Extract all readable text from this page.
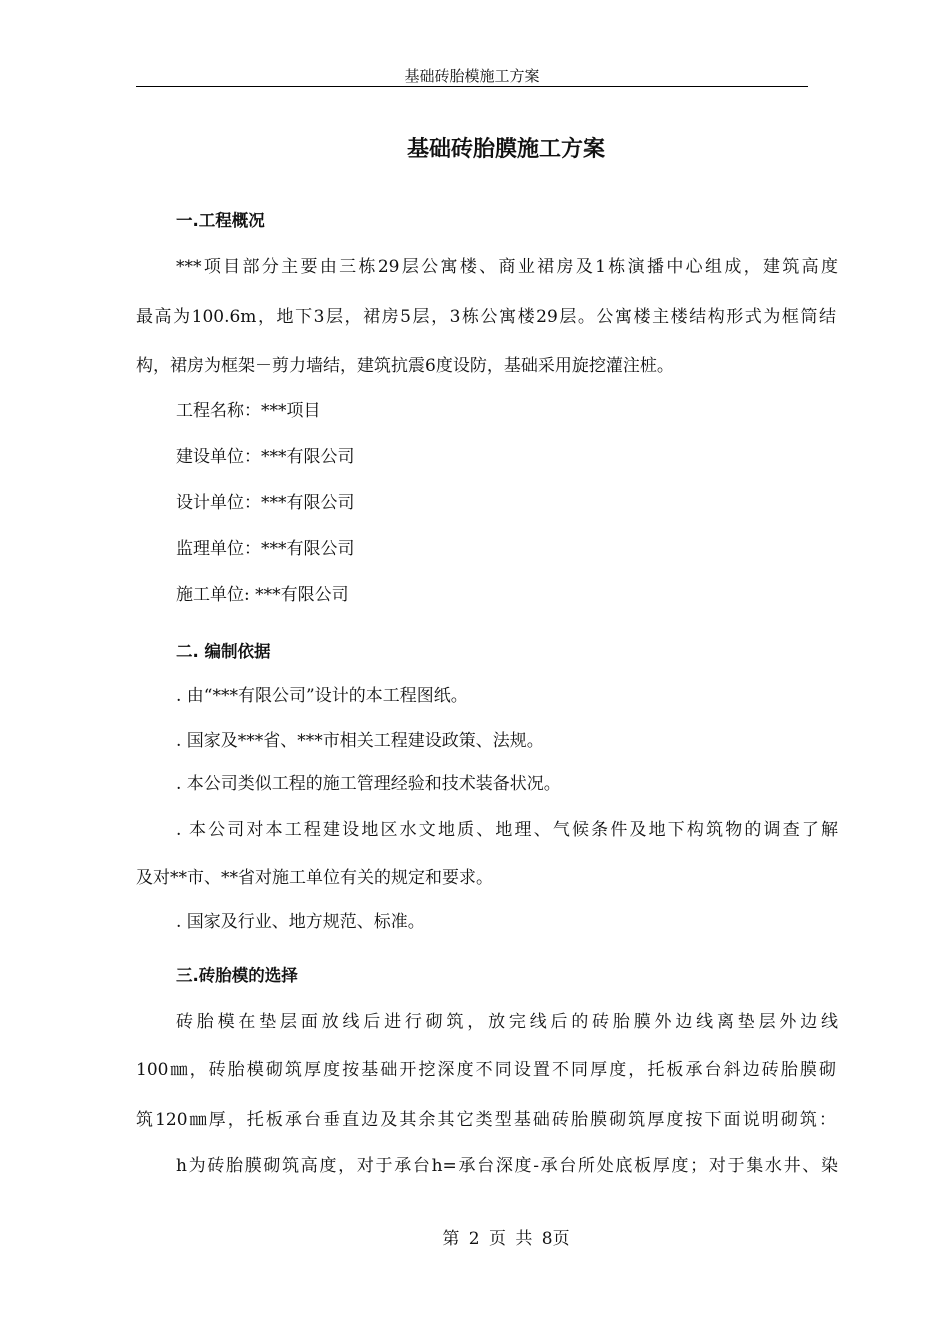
基础砖胎模施工方案
基础砖胎膜施工方案
一.工程概况
***项目部分主要由三栋29层公寓楼、商业裙房及1栋演播中心组成，建筑高度
最高为100.6m，地下3层，裙房5层，3栋公寓楼29层。公寓楼主楼结构形式为框筒结
构，裙房为框架－剪力墙结，建筑抗震6度设防，基础采用旋挖灌注桩。
工程名称：***项目
建设单位：***有限公司
设计单位：***有限公司
监理单位：***有限公司
施工单位: ***有限公司
二. 编制依据
. 由“***有限公司”设计的本工程图纸。
. 国家及***省、***市相关工程建设政策、法规。
. 本公司类似工程的施工管理经验和技术装备状况。
. 本公司对本工程建设地区水文地质、地理、气候条件及地下构筑物的调查了解
及对**市、**省对施工单位有关的规定和要求。
. 国家及行业、地方规范、标准。
三.砖胎模的选择
砖胎模在垫层面放线后进行砌筑，放完线后的砖胎膜外边线离垫层外边线
100㎜，砖胎模砌筑厚度按基础开挖深度不同设置不同厚度，托板承台斜边砖胎膜砌
筑120㎜厚，托板承台垂直边及其余其它类型基础砖胎膜砌筑厚度按下面说明砌筑：
h为砖胎膜砌筑高度，对于承台h=承台深度-承台所处底板厚度；对于集水井、染
第 2 页 共 8页
